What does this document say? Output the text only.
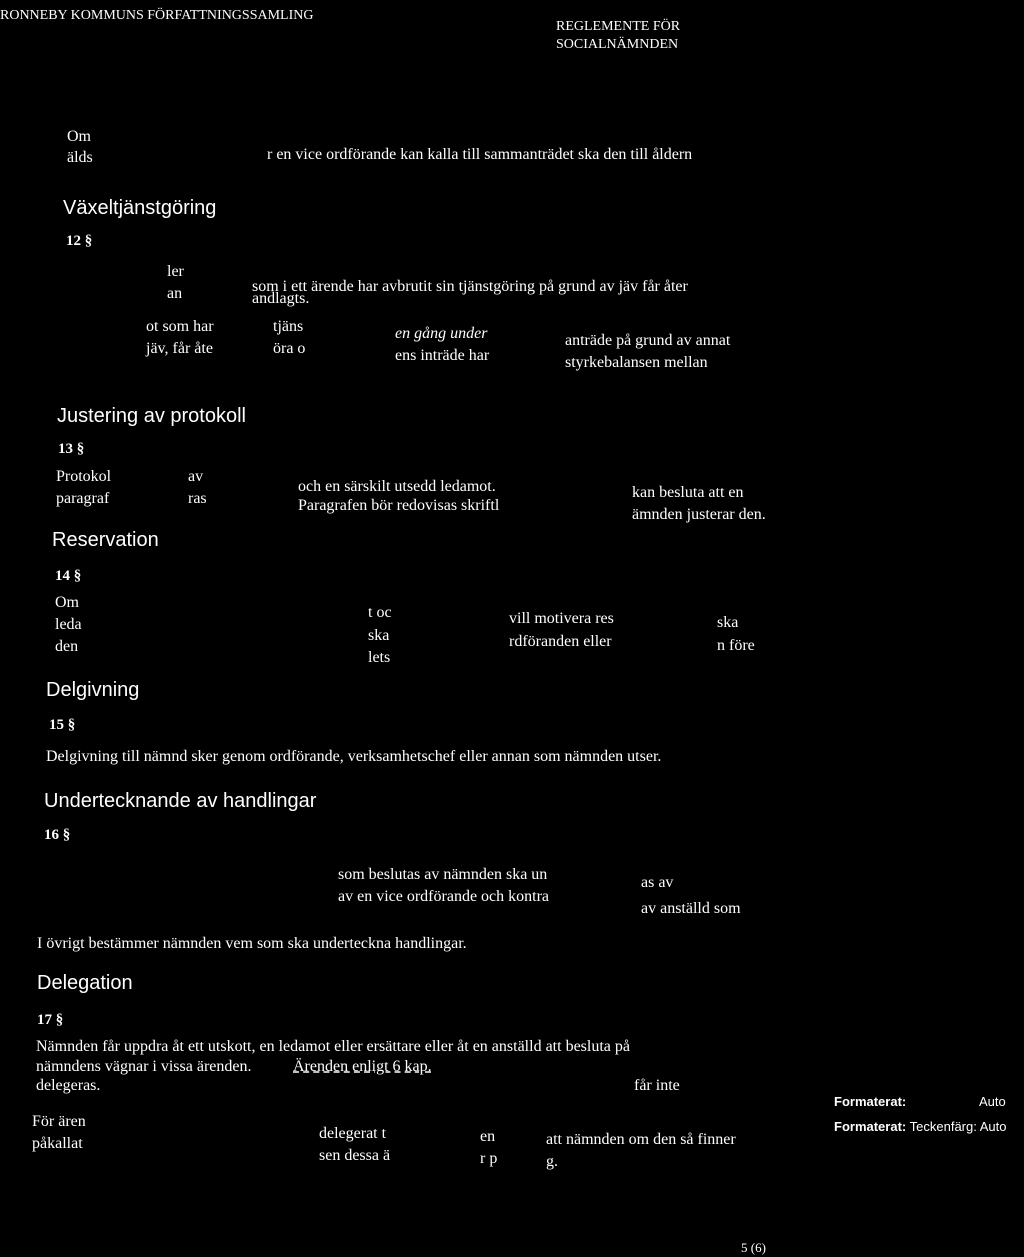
RONNEBY KOMMUNS FÖRFATTNINGSSAMLING
REGLEMENTE FÖR
SOCIALNÄMNDEN
Om
älds	r en vice ordförande kan kalla till sammanträdet ska den till åldern
Växeltjänstgöring
12 §
ler
an	som i ett ärende har avbrutit sin tjänstgöring på grund av jäv får åter
andlagts.
ot som har
jäv, får åte
tjäns
öra o
en gång under
ens inträde har
anträde på grund av annat
styrkebalansen mellan
Justering av protokoll
13 §
Protokol
paragraf
av
ras
och en särskilt utsedd ledamot.
Paragrafen bör redovisas skriftl
kan besluta att en
ämnden justerar den.
Reservation
14 §
Om
leda
den
t oc
ska
lets
vill motivera res
rdföranden eller
ska
n före
Delgivning
15 §
Delgivning till nämnd sker genom ordförande, verksamhetschef eller annan som nämnden utser.
Undertecknande av handlingar
16 §
som beslutas av nämnden ska un
av en vice ordförande och kontra
as av
av anställd som
I övrigt bestämmer nämnden vem som ska underteckna handlingar.
Delegation
17 §
Nämnden får uppdra åt ett utskott, en ledamot eller ersättare eller åt en anställd att besluta på
nämndens vägnar i vissa ärenden.	Ärenden enligt 6 kap.
delegeras.	får inte
För ären
påkallat
delegerat t
sen dessa ä
en
r p
att nämnden om den så finner
g.
Formaterat:	Auto
Formaterat: Teckenfärg: Auto
5 (6)
